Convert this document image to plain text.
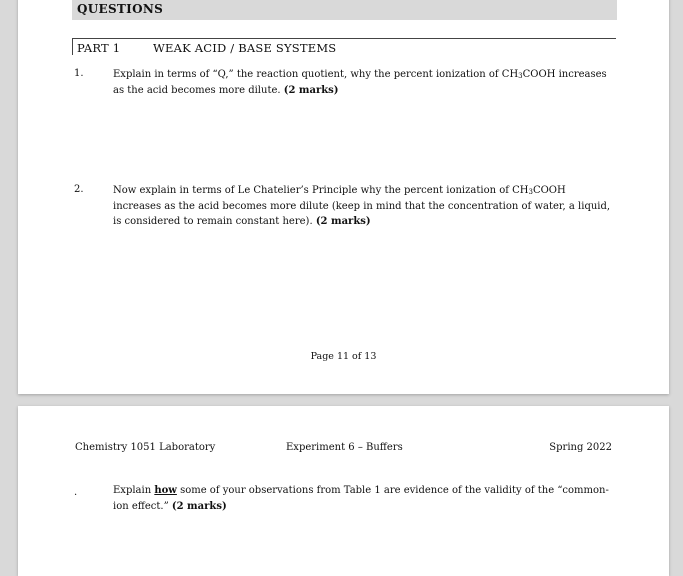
QUESTIONS
PART 1	WEAK ACID / BASE SYSTEMS
1.	Explain in terms of “Q,” the reaction quotient, why the percent ionization of $CH_3COOH$ increases as the acid becomes more dilute. (2 marks)
2.	Now explain in terms of Le Chatelier’s Principle why the percent ionization of $CH_3COOH$ increases as the acid becomes more dilute (keep in mind that the concentration of water, a liquid, is considered to remain constant here). (2 marks)
Page 11 of 13
Chemistry 1051 Laboratory	Experiment 6 – Buffers	Spring 2022
.	Explain how some of your observations from Table 1 are evidence of the validity of the “common-ion effect.” (2 marks)
